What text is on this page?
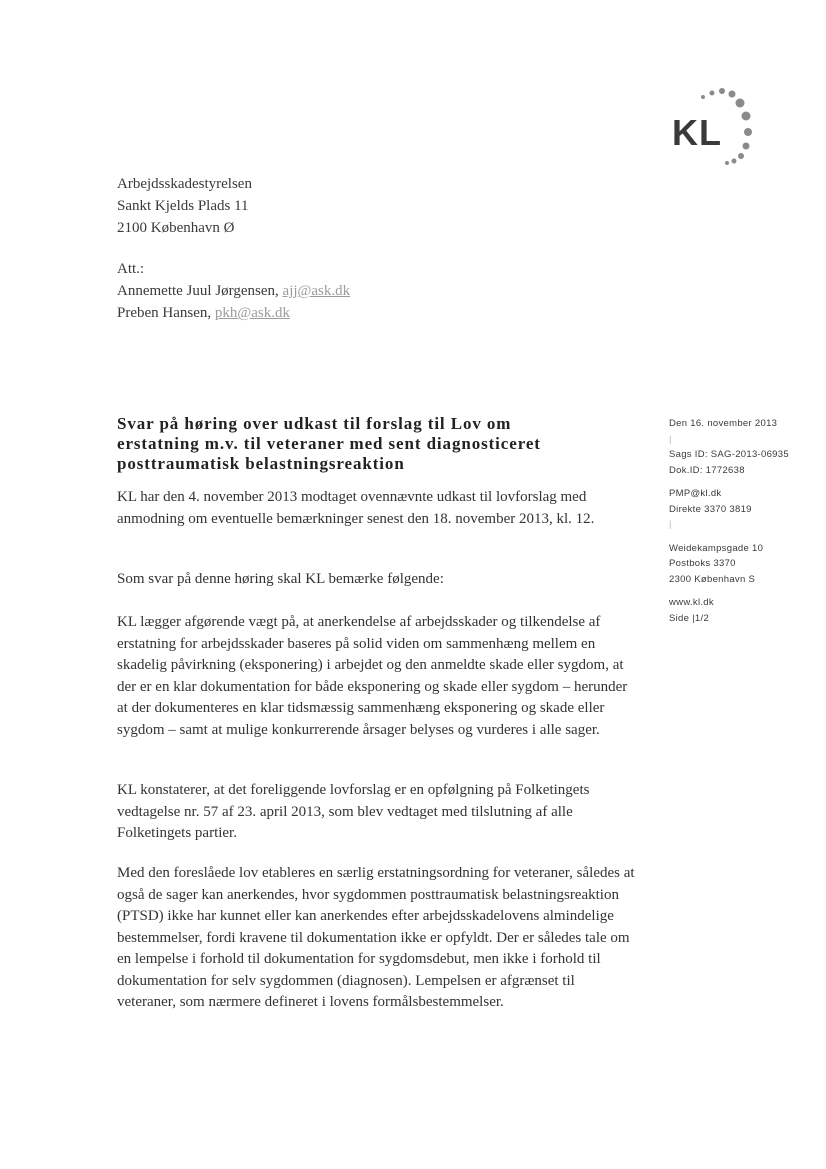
KL
Arbejdsskadestyrelsen
Sankt Kjelds Plads 11
2100 København Ø
Att.:
Annemette Juul Jørgensen, ajj@ask.dk
Preben Hansen, pkh@ask.dk
Svar på høring over udkast til forslag til Lov om erstatning m.v. til veteraner med sent diagnosticeret posttraumatisk belastningsreaktion

KL har den 4. november 2013 modtaget ovennævnte udkast til lovforslag med anmodning om eventuelle bemærkninger senest den 18. november 2013, kl. 12.

Som svar på denne høring skal KL bemærke følgende:

KL lægger afgørende vægt på, at anerkendelse af arbejdsskader og tilkendelse af erstatning for arbejdsskader baseres på solid viden om sammenhæng mellem en skadelig påvirkning (eksponering) i arbejdet og den anmeldte skade eller sygdom, at der er en klar dokumentation for både eksponering og skade eller sygdom – herunder at der dokumenteres en klar tidsmæssig sammenhæng eksponering og skade eller sygdom – samt at mulige konkurrerende årsager belyses og vurderes i alle sager.

KL konstaterer, at det foreliggende lovforslag er en opfølgning på Folketingets vedtagelse nr. 57 af 23. april 2013, som blev vedtaget med tilslutning af alle Folketingets partier.

Med den foreslåede lov etableres en særlig erstatningsordning for veteraner, således at også de sager kan anerkendes, hvor sygdommen posttraumatisk belastningsreaktion (PTSD) ikke har kunnet eller kan anerkendes efter arbejdsskadelovens almindelige bestemmelser, fordi kravene til dokumentation ikke er opfyldt. Der er således tale om en lempelse i forhold til dokumentation for sygdomsdebut, men ikke i forhold til dokumentation for selv sygdommen (diagnosen). Lempelsen er afgrænset til veteraner, som nærmere defineret i lovens formålsbestemmelser.

Den 16. november 2013
|
Sags ID: SAG-2013-06935
Dok.ID: 1772638
PMP@kl.dk
Direkte 3370 3819
|
Weidekampsgade 10
Postboks 3370
2300 København S
www.kl.dk
Side |1/2
